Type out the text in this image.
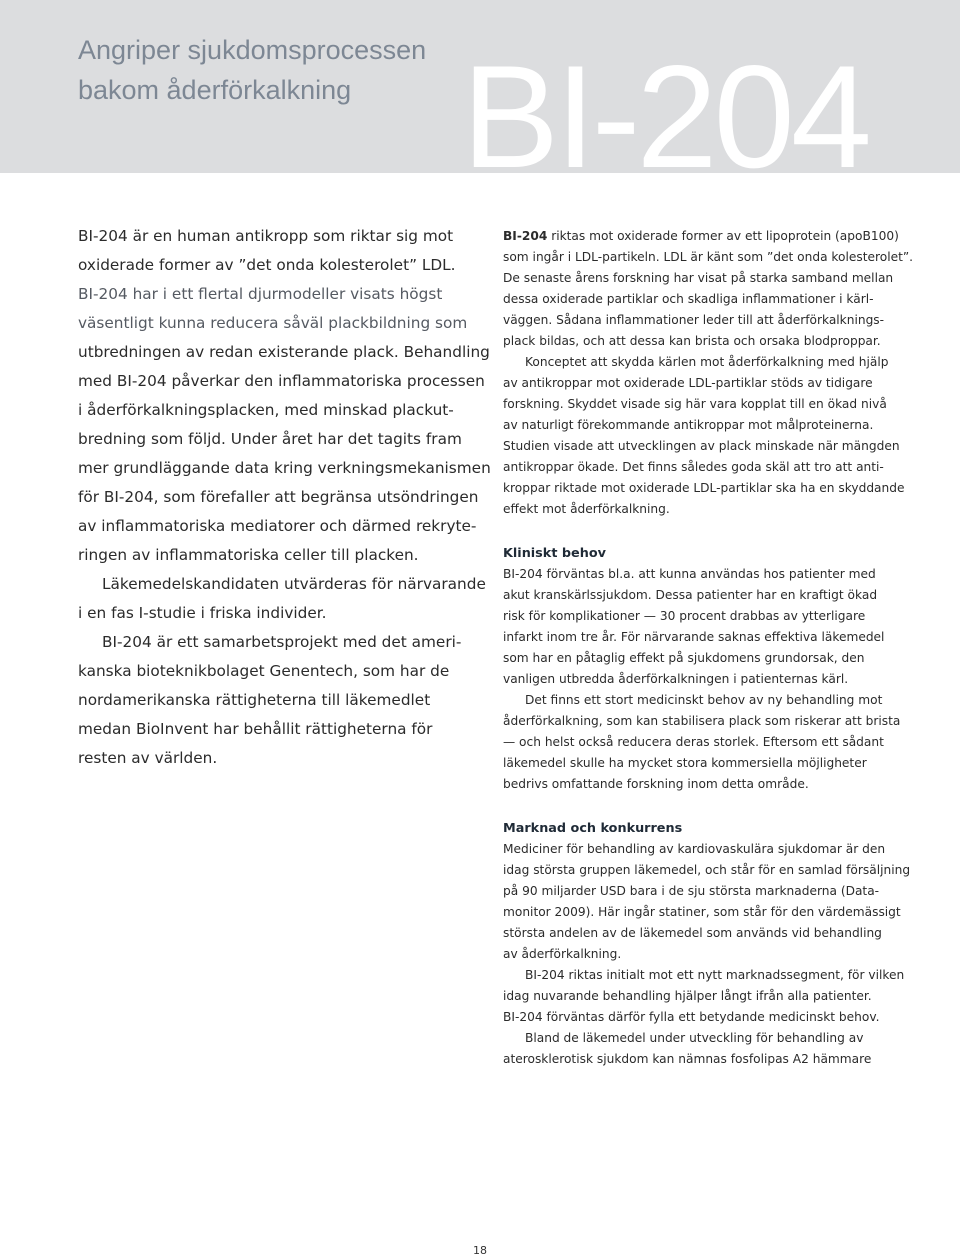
Angriper sjukdomsprocessen
bakom åderförkalkning BI-204
BI-204 är en human antikropp som riktar sig mot
oxiderade former av ”det onda kolesterolet” LDL.
BI-204 har i ett flertal djurmodeller visats högst
väsentligt kunna reducera såväl plackbildning som
utbredningen av redan existerande plack. Behandling
med BI-204 påverkar den inflammatoriska processen
i åderförkalkningsplacken, med minskad plackut-
bredning som följd. Under året har det tagits fram
mer grundläggande data kring verkningsmekanismen
för BI-204, som förefaller att begränsa utsöndringen
av inflammatoriska mediatorer och därmed rekryte-
ringen av inflammatoriska celler till placken.
Läkemedelskandidaten utvärderas för närvarande
i en fas I-studie i friska individer.
BI-204 är ett samarbetsprojekt med det ameri-
kanska bioteknikbolaget Genentech, som har de
nordamerikanska rättigheterna till läkemedlet
medan BioInvent har behållit rättigheterna för
resten av världen.
BI-204 riktas mot oxiderade former av ett lipoprotein (apoB100)
som ingår i LDL-partikeln. LDL är känt som ”det onda kolesterolet”.
De senaste årens forskning har visat på starka samband mellan
dessa oxiderade partiklar och skadliga inflammationer i kärl-
väggen. Sådana inflammationer leder till att åderförkalknings-
plack bildas, och att dessa kan brista och orsaka blodproppar.
Konceptet att skydda kärlen mot åderförkalkning med hjälp
av antikroppar mot oxiderade LDL-partiklar stöds av tidigare
forskning. Skyddet visade sig här vara kopplat till en ökad nivå
av naturligt förekommande antikroppar mot målproteinerna.
Studien visade att utvecklingen av plack minskade när mängden
antikroppar ökade. Det finns således goda skäl att tro att anti-
kroppar riktade mot oxiderade LDL-partiklar ska ha en skyddande
effekt mot åderförkalkning.
Kliniskt behov
BI-204 förväntas bl.a. att kunna användas hos patienter med
akut kranskärlssjukdom. Dessa patienter har en kraftigt ökad
risk för komplikationer — 30 procent drabbas av ytterligare
infarkt inom tre år. För närvarande saknas effektiva läkemedel
som har en påtaglig effekt på sjukdomens grundorsak, den
vanligen utbredda åderförkalkningen i patienternas kärl.
Det finns ett stort medicinskt behov av ny behandling mot
åderförkalkning, som kan stabilisera plack som riskerar att brista
— och helst också reducera deras storlek. Eftersom ett sådant
läkemedel skulle ha mycket stora kommersiella möjligheter
bedrivs omfattande forskning inom detta område.
Marknad och konkurrens
Mediciner för behandling av kardiovaskulära sjukdomar är den
idag största gruppen läkemedel, och står för en samlad försäljning
på 90 miljarder USD bara i de sju största marknaderna (Data-
monitor 2009). Här ingår statiner, som står för den värdemässigt
största andelen av de läkemedel som används vid behandling
av åderförkalkning.
BI-204 riktas initialt mot ett nytt marknadssegment, för vilken
idag nuvarande behandling hjälper långt ifrån alla patienter.
BI-204 förväntas därför fylla ett betydande medicinskt behov.
Bland de läkemedel under utveckling för behandling av
aterosklerotisk sjukdom kan nämnas fosfolipas A2 hämmare
18
